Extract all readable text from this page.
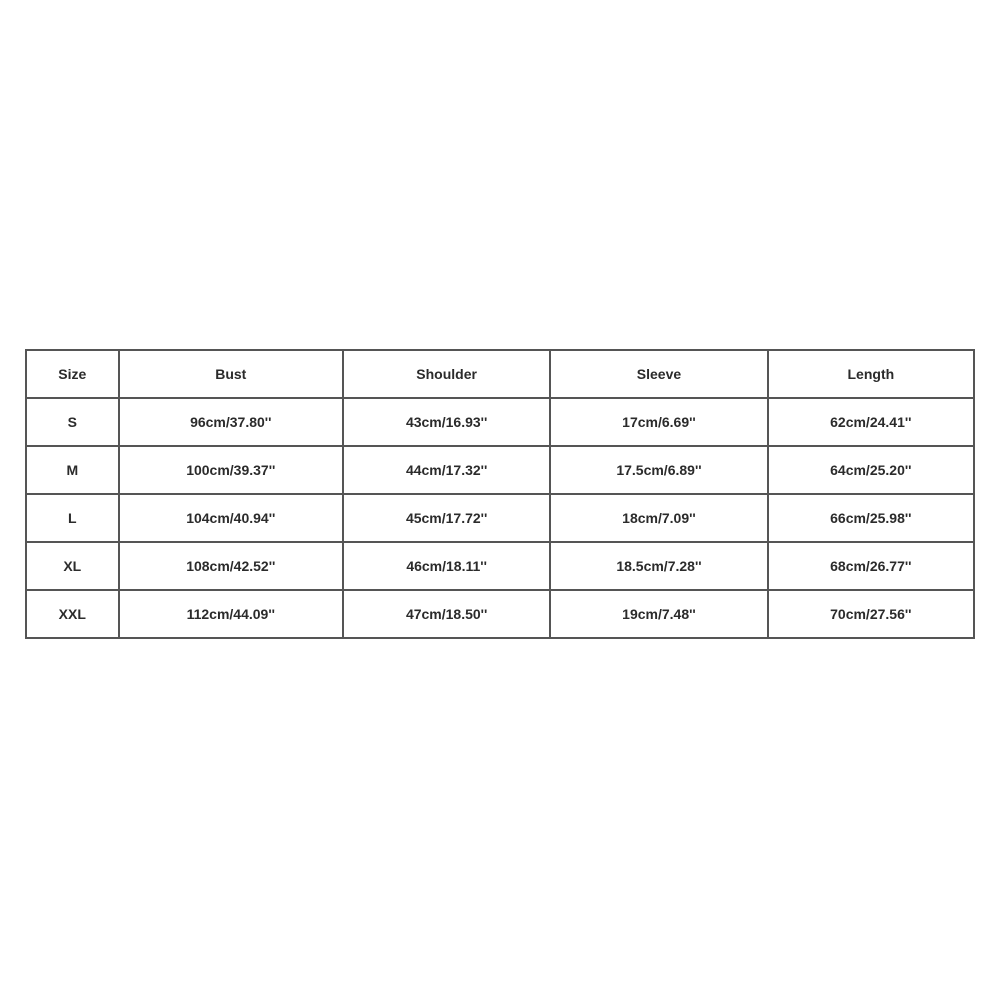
Size	Bust	Shoulder	Sleeve	Length
S	96cm/37.80''	43cm/16.93''	17cm/6.69''	62cm/24.41''
M	100cm/39.37''	44cm/17.32''	17.5cm/6.89''	64cm/25.20''
L	104cm/40.94''	45cm/17.72''	18cm/7.09''	66cm/25.98''
XL	108cm/42.52''	46cm/18.11''	18.5cm/7.28''	68cm/26.77''
XXL	112cm/44.09''	47cm/18.50''	19cm/7.48''	70cm/27.56''
